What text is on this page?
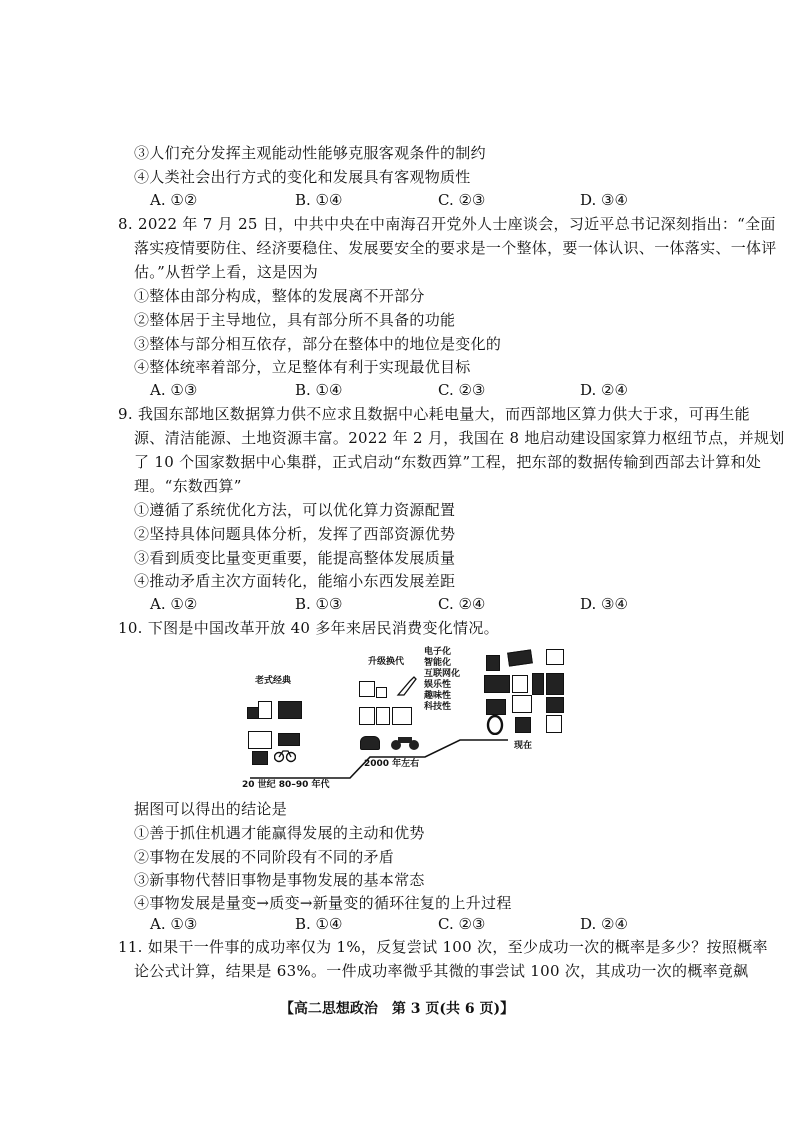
③人们充分发挥主观能动性能够克服客观条件的制约
④人类社会出行方式的变化和发展具有客观物质性
A. ①②	B. ①④	C. ②③	D. ③④
8. 2022 年 7 月 25 日，中共中央在中南海召开党外人士座谈会，习近平总书记深刻指出：“全面
落实疫情要防住、经济要稳住、发展要安全的要求是一个整体，要一体认识、一体落实、一体评
估。”从哲学上看，这是因为
①整体由部分构成，整体的发展离不开部分
②整体居于主导地位，具有部分所不具备的功能
③整体与部分相互依存，部分在整体中的地位是变化的
④整体统率着部分，立足整体有利于实现最优目标
A. ①③	B. ①④	C. ②③	D. ②④
9. 我国东部地区数据算力供不应求且数据中心耗电量大，而西部地区算力供大于求，可再生能
源、清洁能源、土地资源丰富。2022 年 2 月，我国在 8 地启动建设国家算力枢纽节点，并规划
了 10 个国家数据中心集群，正式启动“东数西算”工程，把东部的数据传输到西部去计算和处
理。“东数西算”
①遵循了系统优化方法，可以优化算力资源配置
②坚持具体问题具体分析，发挥了西部资源优势
③看到质变比量变更重要，能提高整体发展质量
④推动矛盾主次方面转化，能缩小东西发展差距
A. ①②	B. ①③	C. ②④	D. ③④
10. 下图是中国改革开放 40 多年来居民消费变化情况。
老式经典
20 世纪 80–90 年代
升级换代
2000 年左右
电子化
智能化
互联网化
娱乐性
趣味性
科技性
现在
据图可以得出的结论是
①善于抓住机遇才能赢得发展的主动和优势
②事物在发展的不同阶段有不同的矛盾
③新事物代替旧事物是事物发展的基本常态
④事物发展是量变→质变→新量变的循环往复的上升过程
A. ①③	B. ①④	C. ②③	D. ②④
11. 如果干一件事的成功率仅为 1%，反复尝试 100 次，至少成功一次的概率是多少？按照概率
论公式计算，结果是 63%。一件成功率微乎其微的事尝试 100 次，其成功一次的概率竟飙
【高二思想政治　第 3 页(共 6 页)】
